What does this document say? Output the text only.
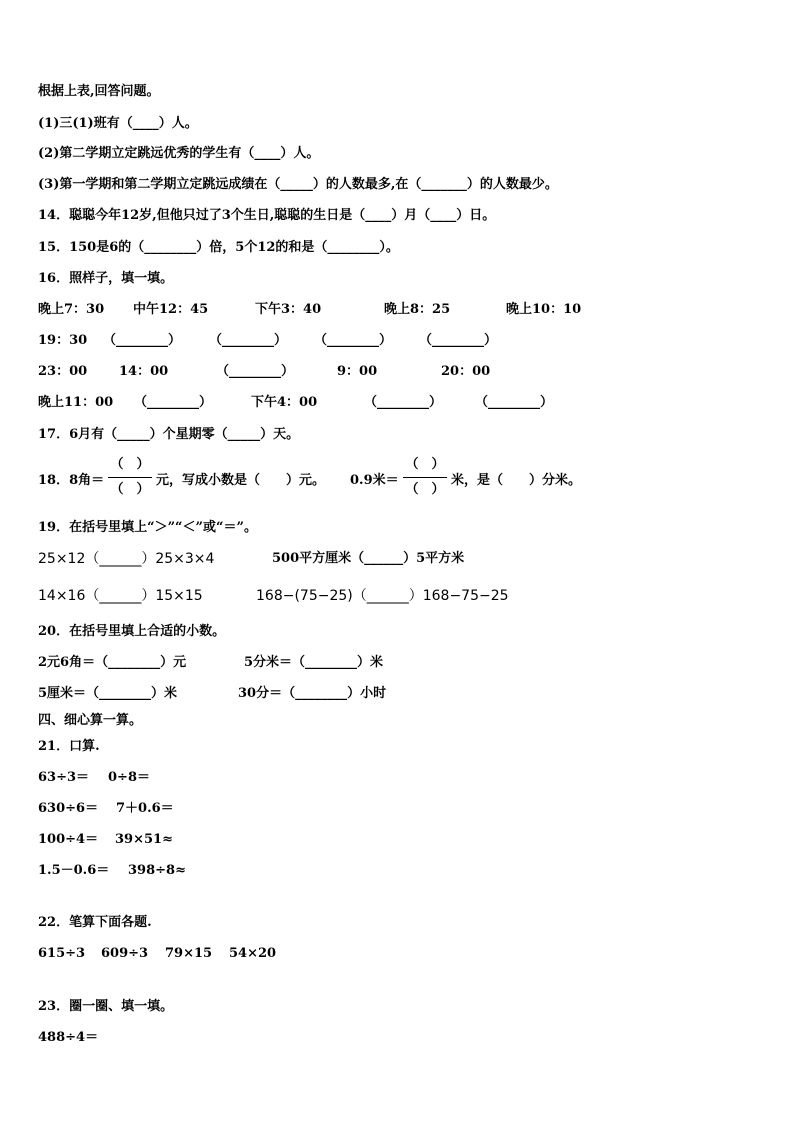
根据上表,回答问题。
(1)三(1)班有（____）人。
(2)第二学期立定跳远优秀的学生有（____）人。
(3)第一学期和第二学期立定跳远成绩在（_____）的人数最多,在（_______）的人数最少。
14．聪聪今年12岁,但他只过了3个生日,聪聪的生日是（____）月（____）日。
15．150是6的（________）倍，5个12的和是（________）。
16．照样子，填一填。
晚上7：30 中午12：45	下午3：40	晚上8：25	晚上10：10
19：30 （________） （________） （________） （________）
23：00 14：00	（________）	9：00	20：00
晚上11：00 （________）	下午4：00	（________）	（________）
17．6月有（_____）个星期零（_____）天。
18．8角＝
（　）
（　）
元，写成小数是（　　）元。 0.9米＝
（　）
（　）
米，是（　　）分米。
19．在括号里填上“＞”“＜”或“＝”。
25×12（______）25×3×4	500平方厘米（______）5平方米
14×16（______）15×15	168−(75−25)（______）168−75−25
20．在括号里填上合适的小数。
2元6角＝（________）元	5分米＝（________）米
5厘米＝（________）米	30分＝（________）小时
四、细心算一算。
21．口算.
63÷3＝ 0÷8＝
630÷6＝ 7＋0.6＝
100÷4＝ 39×51≈
1.5－0.6＝ 398÷8≈
22．笔算下面各题.
615÷3 609÷3 79×15 54×20
23．圈一圈、填一填。
488÷4＝
